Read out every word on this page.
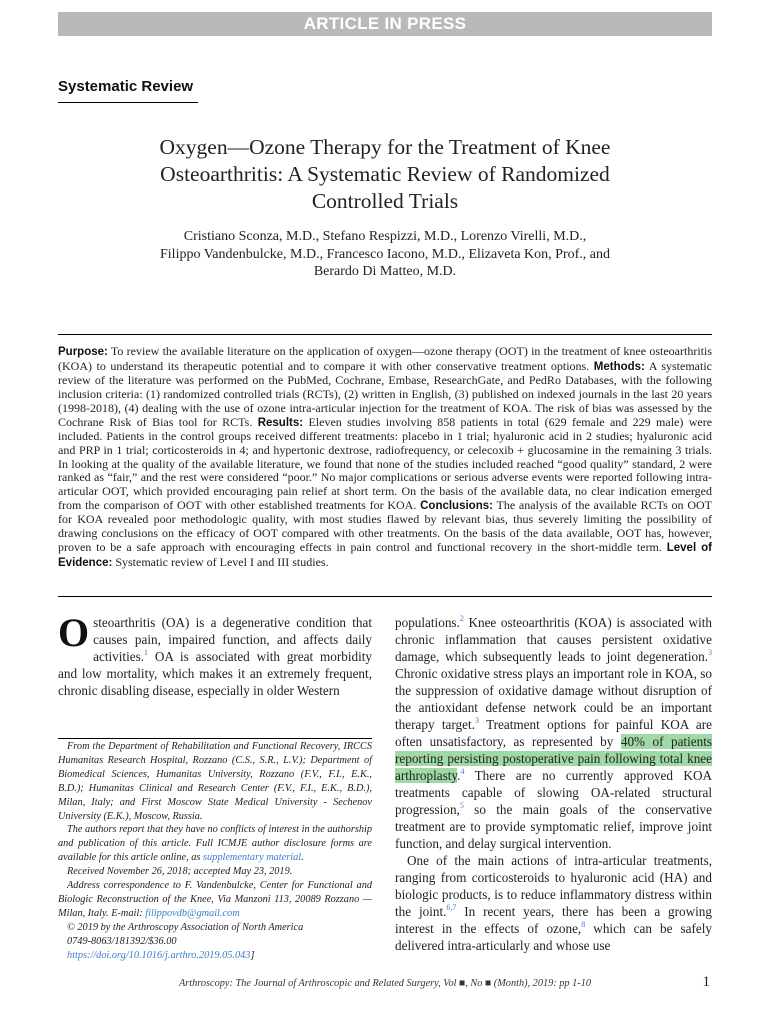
ARTICLE IN PRESS
Systematic Review
Oxygen—Ozone Therapy for the Treatment of Knee
Osteoarthritis: A Systematic Review of Randomized
Controlled Trials
Cristiano Sconza, M.D., Stefano Respizzi, M.D., Lorenzo Virelli, M.D.,
Filippo Vandenbulcke, M.D., Francesco Iacono, M.D., Elizaveta Kon, Prof., and
Berardo Di Matteo, M.D.
Purpose: To review the available literature on the application of oxygen—ozone therapy (OOT) in the treatment of knee osteoarthritis (KOA) to understand its therapeutic potential and to compare it with other conservative treatment options. Methods: A systematic review of the literature was performed on the PubMed, Cochrane, Embase, ResearchGate, and PedRo Databases, with the following inclusion criteria: (1) randomized controlled trials (RCTs), (2) written in English, (3) published on indexed journals in the last 20 years (1998-2018), (4) dealing with the use of ozone intra-articular injection for the treatment of KOA. The risk of bias was assessed by the Cochrane Risk of Bias tool for RCTs. Results: Eleven studies involving 858 patients in total (629 female and 229 male) were included. Patients in the control groups received different treatments: placebo in 1 trial; hyaluronic acid in 2 studies; hyaluronic acid and PRP in 1 trial; corticosteroids in 4; and hypertonic dextrose, radiofrequency, or celecoxib + glucosamine in the remaining 3 trials. In looking at the quality of the available literature, we found that none of the studies included reached “good quality” standard, 2 were ranked as “fair,” and the rest were considered “poor.” No major complications or serious adverse events were reported following intra-articular OOT, which provided encouraging pain relief at short term. On the basis of the available data, no clear indication emerged from the comparison of OOT with other established treatments for KOA. Conclusions: The analysis of the available RCTs on OOT for KOA revealed poor methodologic quality, with most studies flawed by relevant bias, thus severely limiting the possibility of drawing conclusions on the efficacy of OOT compared with other treatments. On the basis of the data available, OOT has, however, proven to be a safe approach with encouraging effects in pain control and functional recovery in the short-middle term. Level of Evidence: Systematic review of Level I and III studies.

Osteoarthritis (OA) is a degenerative condition that causes pain, impaired function, and affects daily activities.$^1$ OA is associated with great morbidity and low mortality, which makes it an extremely frequent, chronic disabling disease, especially in older Western

From the Department of Rehabilitation and Functional Recovery, IRCCS Humanitas Research Hospital, Rozzano (C.S., S.R., L.V.); Department of Biomedical Sciences, Humanitas University, Rozzano (F.V., F.I., E.K., B.D.); Humanitas Clinical and Research Center (F.V., F.I., E.K., B.D.), Milan, Italy; and First Moscow State Medical University - Sechenov University (E.K.), Moscow, Russia.

The authors report that they have no conflicts of interest in the authorship and publication of this article. Full ICMJE author disclosure forms are available for this article online, as supplementary material.

Received November 26, 2018; accepted May 23, 2019.

Address correspondence to F. Vandenbulcke, Center for Functional and Biologic Reconstruction of the Knee, Via Manzoni 113, 20089 Rozzano — Milan, Italy. E-mail: filippovdb@gmail.com

© 2019 by the Arthroscopy Association of North America

0749-8063/181392/$36.00

https://doi.org/10.1016/j.arthro.2019.05.043]

populations.$^2$ Knee osteoarthritis (KOA) is associated with chronic inflammation that causes persistent oxidative damage, which subsequently leads to joint degeneration.$^3$ Chronic oxidative stress plays an important role in KOA, so the suppression of oxidative damage without disruption of the antioxidant defense network could be an important therapy target.$^3$ Treatment options for painful KOA are often unsatisfactory, as represented by 40% of patients reporting persisting postoperative pain following total knee arthroplasty.$^4$ There are no currently approved KOA treatments capable of slowing OA-related structural progression,$^5$ so the main goals of the conservative treatment are to provide symptomatic relief, improve joint function, and delay surgical intervention.

One of the main actions of intra-articular treatments, ranging from corticosteroids to hyaluronic acid (HA) and biologic products, is to reduce inflammatory distress within the joint.$^{6,7}$ In recent years, there has been a growing interest in the effects of ozone,$^8$ which can be safely delivered intra-articularly and whose use

Arthroscopy: The Journal of Arthroscopic and Related Surgery, Vol ■, No ■ (Month), 2019: pp 1-10	1
